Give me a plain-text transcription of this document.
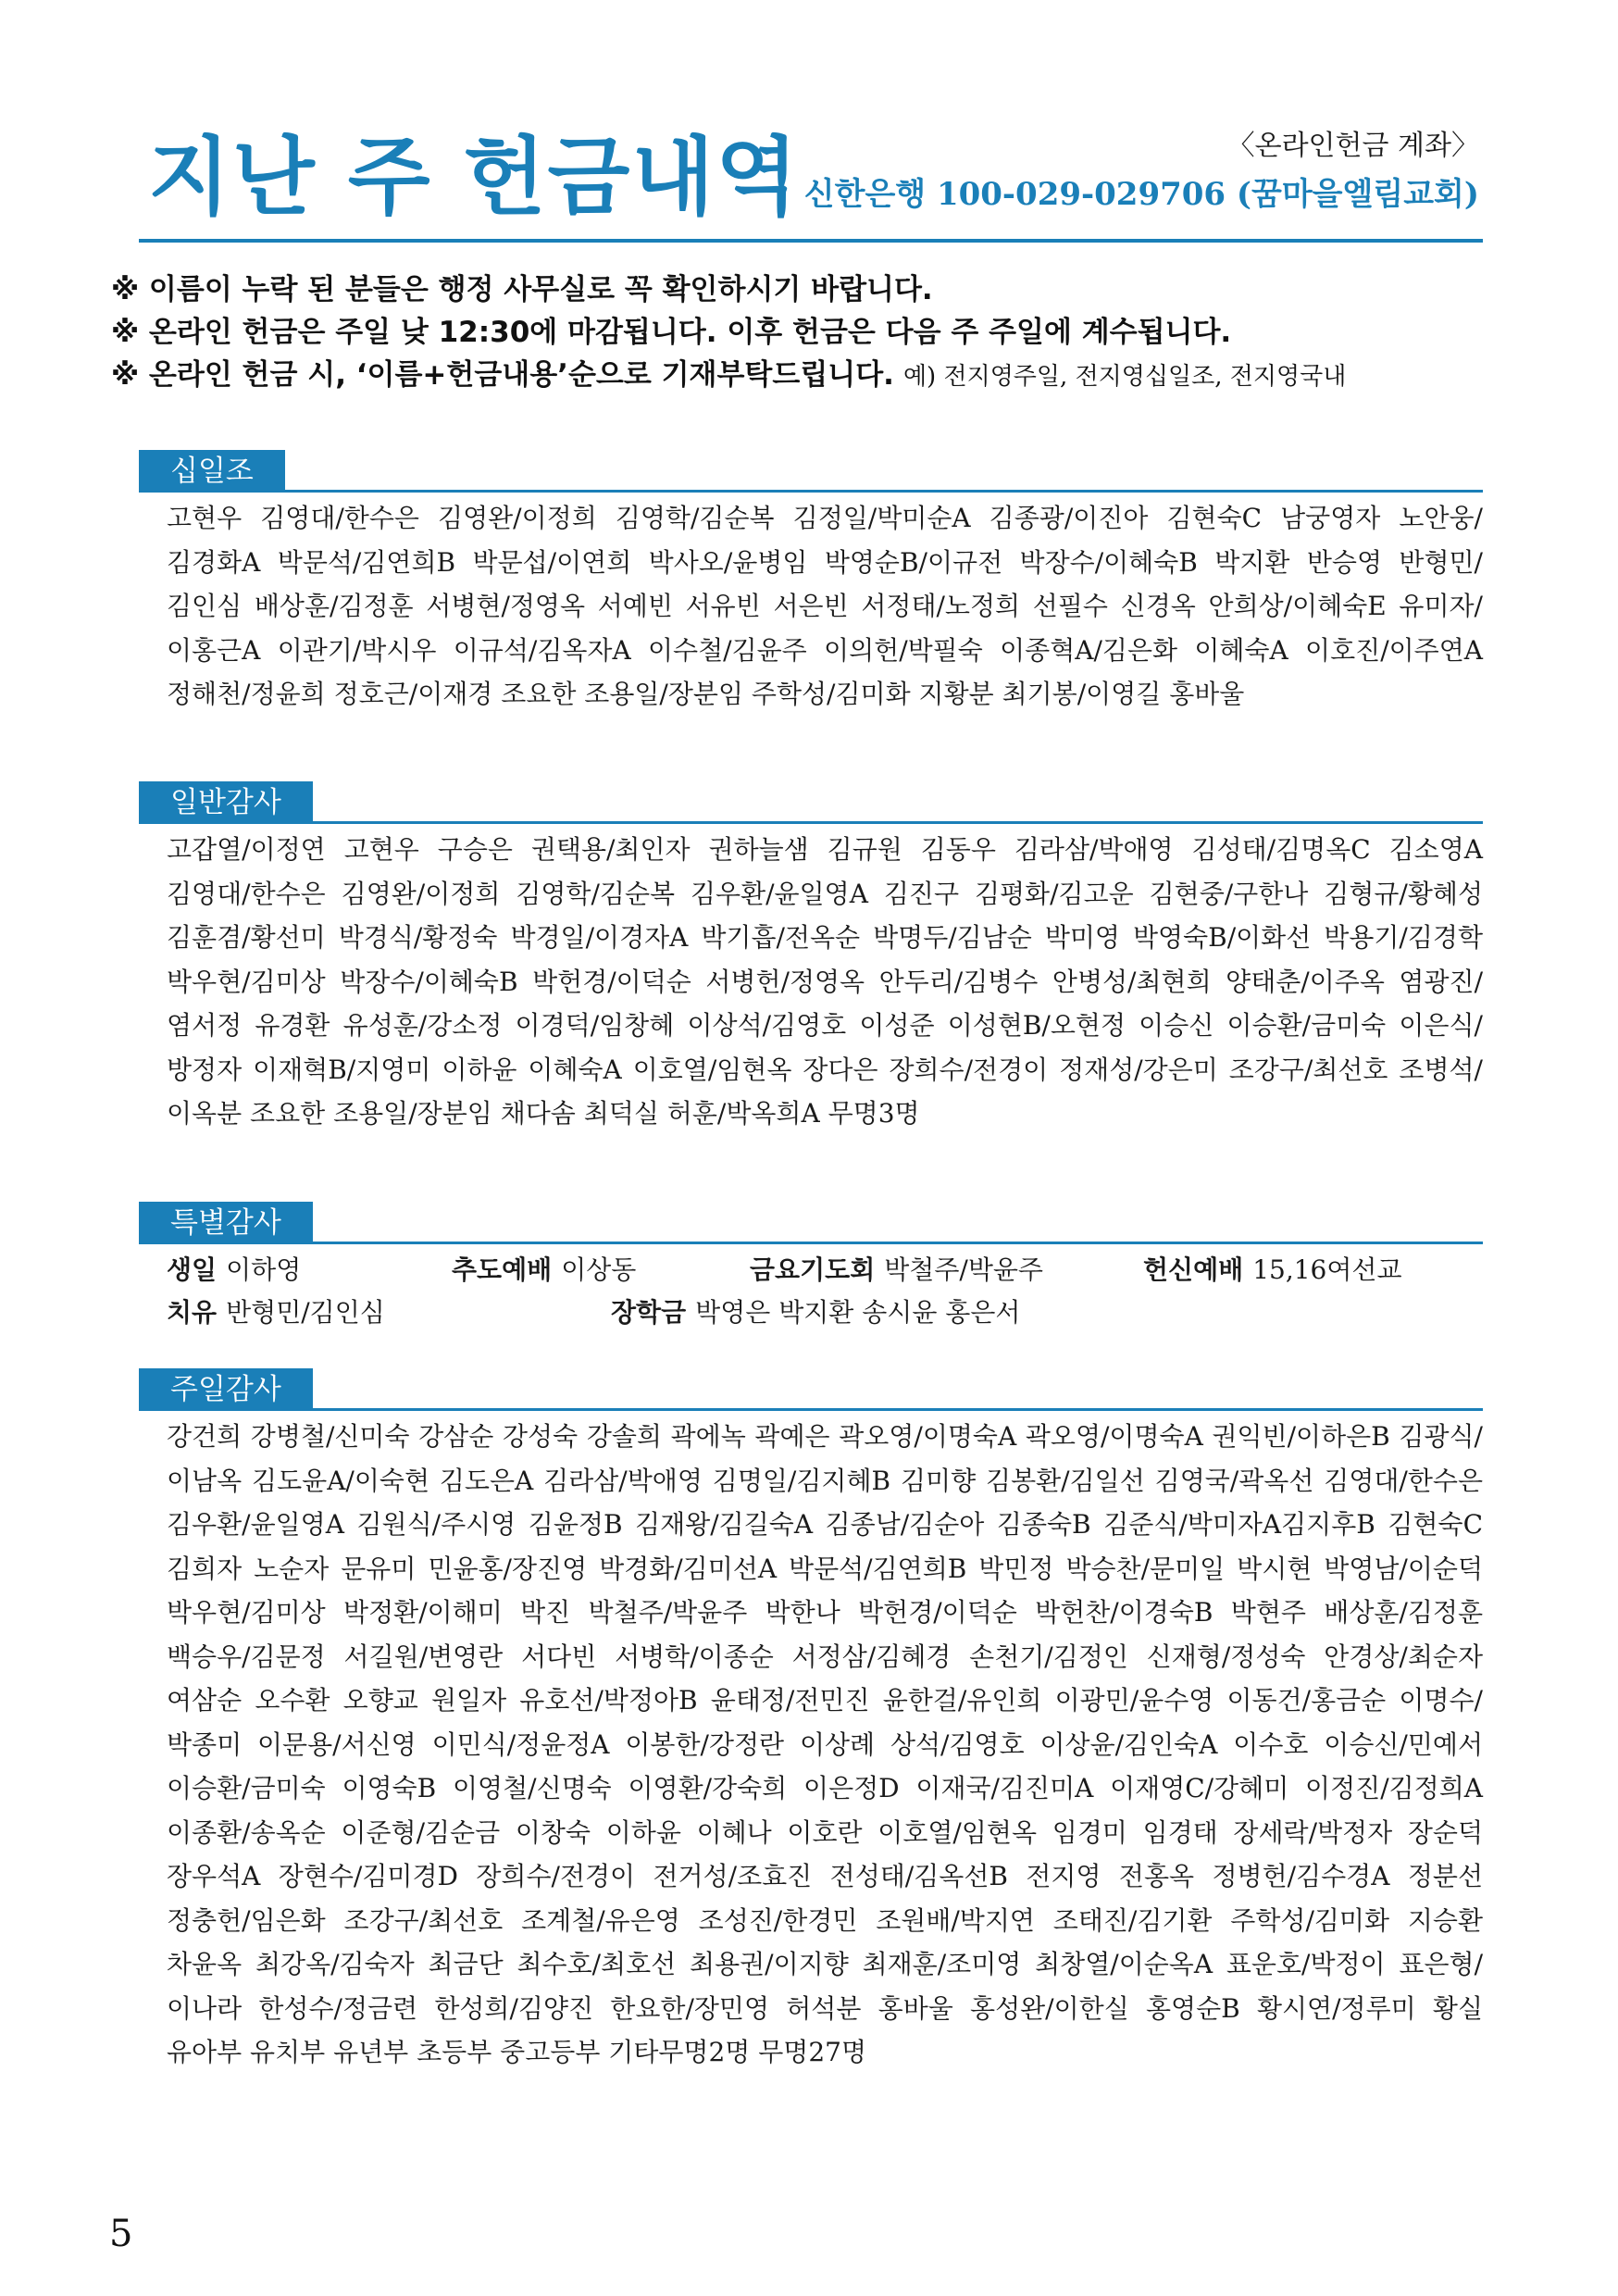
지난 주 헌금내역	〈온라인헌금 계좌〉
신한은행 100-029-029706 (꿈마을엘림교회)
※ 이름이 누락 된 분들은 행정 사무실로 꼭 확인하시기 바랍니다.
※ 온라인 헌금은 주일 낮 12:30에 마감됩니다. 이후 헌금은 다음 주 주일에 계수됩니다.
※ 온라인 헌금 시, ‘이름+헌금내용’순으로 기재부탁드립니다. 예) 전지영주일, 전지영십일조, 전지영국내
십일조
고현우 김영대/한수은 김영완/이정희 김영학/김순복 김정일/박미순A 김종광/이진아 김현숙C 남궁영자 노안웅/김경화A 박문석/김연희B 박문섭/이연희 박사오/윤병임 박영순B/이규전 박장수/이혜숙B 박지환 반승영 반형민/김인심 배상훈/김정훈 서병현/정영옥 서예빈 서유빈 서은빈 서정태/노정희 선필수 신경옥 안희상/이혜숙E 유미자/이홍근A 이관기/박시우 이규석/김옥자A 이수철/김윤주 이의헌/박필숙 이종혁A/김은화 이혜숙A 이호진/이주연A 정해천/정윤희 정호근/이재경 조요한 조용일/장분임 주학성/김미화 지황분 최기봉/이영길 홍바울
일반감사
고갑열/이정연 고현우 구승은 권택용/최인자 권하늘샘 김규원 김동우 김라삼/박애영 김성태/김명옥C 김소영A 김영대/한수은 김영완/이정희 김영학/김순복 김우환/윤일영A 김진구 김평화/김고운 김현중/구한나 김형규/황혜성 김훈겸/황선미 박경식/황정숙 박경일/이경자A 박기흡/전옥순 박명두/김남순 박미영 박영숙B/이화선 박용기/김경학 박우현/김미상 박장수/이혜숙B 박헌경/이덕순 서병헌/정영옥 안두리/김병수 안병성/최현희 양태춘/이주옥 염광진/염서정 유경환 유성훈/강소정 이경덕/임창혜 이상석/김영호 이성준 이성현B/오현정 이승신 이승환/금미숙 이은식/방정자 이재혁B/지영미 이하윤 이혜숙A 이호열/임현옥 장다은 장희수/전경이 정재성/강은미 조강구/최선호 조병석/이옥분 조요한 조용일/장분임 채다솜 최덕실 허훈/박옥희A 무명3명
특별감사
생일 이하영	추도예배 이상동	금요기도회 박철주/박윤주	헌신예배 15,16여선교
치유 반형민/김인심	장학금 박영은 박지환 송시윤 홍은서
주일감사
강건희 강병철/신미숙 강삼순 강성숙 강솔희 곽에녹 곽예은 곽오영/이명숙A 곽오영/이명숙A 권익빈/이하은B 김광식/이남옥 김도윤A/이숙현 김도은A 김라삼/박애영 김명일/김지혜B 김미향 김봉환/김일선 김영국/곽옥선 김영대/한수은 김우환/윤일영A 김원식/주시영 김윤정B 김재왕/김길숙A 김종남/김순아 김종숙B 김준식/박미자A김지후B 김현숙C 김희자 노순자 문유미 민윤홍/장진영 박경화/김미선A 박문석/김연희B 박민정 박승찬/문미일 박시현 박영남/이순덕 박우현/김미상 박정환/이해미 박진 박철주/박윤주 박한나 박헌경/이덕순 박헌찬/이경숙B 박현주 배상훈/김정훈 백승우/김문정 서길원/변영란 서다빈 서병학/이종순 서정삼/김혜경 손천기/김정인 신재형/정성숙 안경상/최순자 여삼순 오수환 오향교 원일자 유호선/박정아B 윤태정/전민진 윤한걸/유인희 이광민/윤수영 이동건/홍금순 이명수/박종미 이문용/서신영 이민식/정윤정A 이봉한/강정란 이상례 상석/김영호 이상윤/김인숙A 이수호 이승신/민예서 이승환/금미숙 이영숙B 이영철/신명숙 이영환/강숙희 이은정D 이재국/김진미A 이재영C/강혜미 이정진/김정희A 이종환/송옥순 이준형/김순금 이창숙 이하윤 이혜나 이호란 이호열/임현옥 임경미 임경태 장세락/박정자 장순덕 장우석A 장현수/김미경D 장희수/전경이 전거성/조효진 전성태/김옥선B 전지영 전홍옥 정병헌/김수경A 정분선 정충헌/임은화 조강구/최선호 조계철/유은영 조성진/한경민 조원배/박지연 조태진/김기환 주학성/김미화 지승환 차윤옥 최강옥/김숙자 최금단 최수호/최호선 최용권/이지향 최재훈/조미영 최창열/이순옥A 표운호/박정이 표은형/이나라 한성수/정금련 한성희/김양진 한요한/장민영 허석분 홍바울 홍성완/이한실 홍영순B 황시연/정루미 황실 유아부 유치부 유년부 초등부 중고등부 기타무명2명 무명27명
5
